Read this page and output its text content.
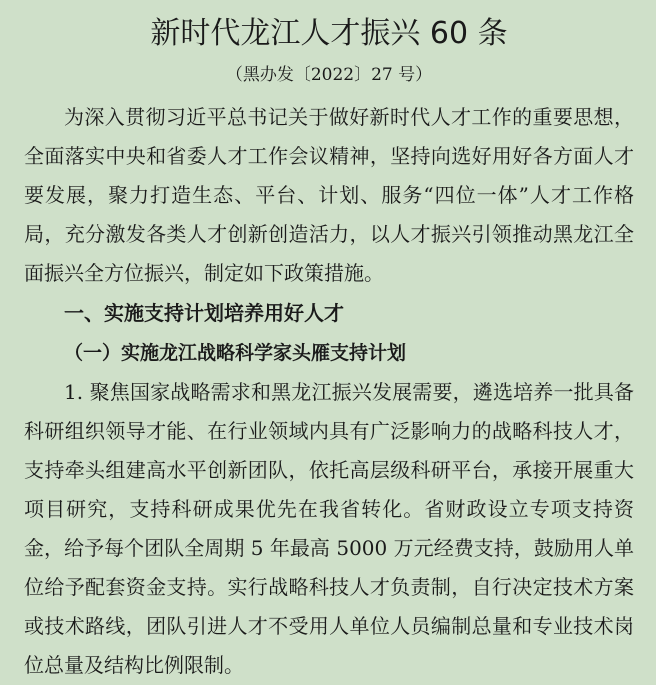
新时代龙江人才振兴 60 条
（黑办发〔2022〕27 号）

为深入贯彻习近平总书记关于做好新时代人才工作的重要思想，全面落实中央和省委人才工作会议精神，坚持向选好用好各方面人才要发展，聚力打造生态、平台、计划、服务“四位一体”人才工作格局，充分激发各类人才创新创造活力，以人才振兴引领推动黑龙江全面振兴全方位振兴，制定如下政策措施。

一、实施支持计划培养用好人才
（一）实施龙江战略科学家头雁支持计划

1. 聚焦国家战略需求和黑龙江振兴发展需要，遴选培养一批具备科研组织领导才能、在行业领域内具有广泛影响力的战略科技人才，支持牵头组建高水平创新团队，依托高层级科研平台，承接开展重大项目研究，支持科研成果优先在我省转化。省财政设立专项支持资金，给予每个团队全周期 5 年最高 5000 万元经费支持，鼓励用人单位给予配套资金支持。实行战略科技人才负责制，自行决定技术方案或技术路线，团队引进人才不受用人单位人员编制总量和专业技术岗位总量及结构比例限制。
